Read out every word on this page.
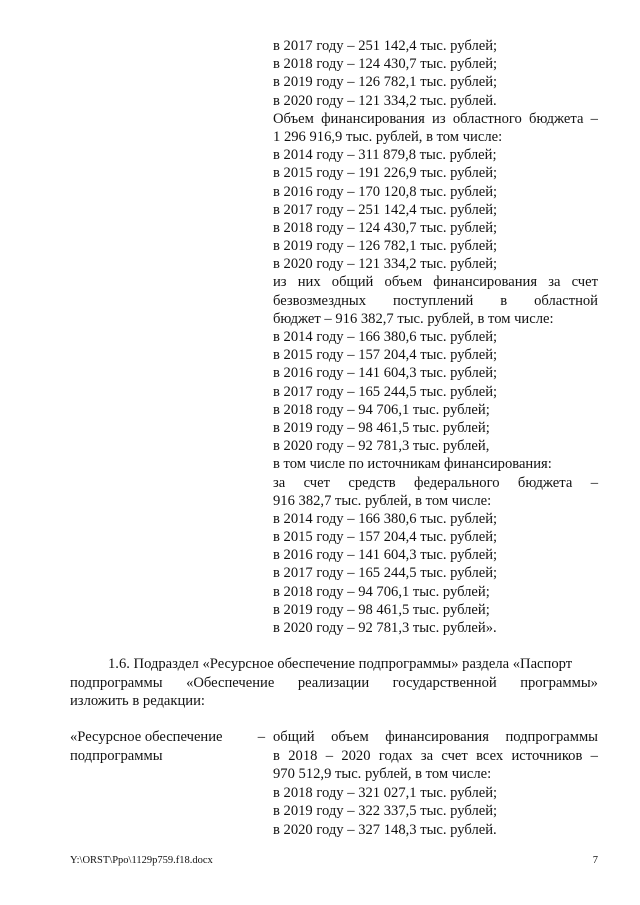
в 2017 году – 251 142,4 тыс. рублей;
в 2018 году – 124 430,7 тыс. рублей;
в 2019 году – 126 782,1 тыс. рублей;
в 2020 году – 121 334,2 тыс. рублей.
Объем финансирования из областного бюджета –
1 296 916,9 тыс. рублей, в том числе:
в 2014 году – 311 879,8 тыс. рублей;
в 2015 году – 191 226,9 тыс. рублей;
в 2016 году – 170 120,8 тыс. рублей;
в 2017 году – 251 142,4 тыс. рублей;
в 2018 году – 124 430,7 тыс. рублей;
в 2019 году – 126 782,1 тыс. рублей;
в 2020 году – 121 334,2 тыс. рублей;
из них общий объем финансирования за счет
безвозмездных поступлений в областной
бюджет – 916 382,7 тыс. рублей, в том числе:
в 2014 году – 166 380,6 тыс. рублей;
в 2015 году – 157 204,4 тыс. рублей;
в 2016 году – 141 604,3 тыс. рублей;
в 2017 году – 165 244,5 тыс. рублей;
в 2018 году – 94 706,1 тыс. рублей;
в 2019 году – 98 461,5 тыс. рублей;
в 2020 году – 92 781,3 тыс. рублей,
в том числе по источникам финансирования:
за счет средств федерального бюджета –
916 382,7 тыс. рублей, в том числе:
в 2014 году – 166 380,6 тыс. рублей;
в 2015 году – 157 204,4 тыс. рублей;
в 2016 году – 141 604,3 тыс. рублей;
в 2017 году – 165 244,5 тыс. рублей;
в 2018 году – 94 706,1 тыс. рублей;
в 2019 году – 98 461,5 тыс. рублей;
в 2020 году – 92 781,3 тыс. рублей».
1.6. Подраздел «Ресурсное обеспечение подпрограммы» раздела «Паспорт
подпрограммы «Обеспечение реализации государственной программы»
изложить в редакции:
«Ресурсное обеспечение –
подпрограммы
общий объем финансирования подпрограммы
в 2018 – 2020 годах за счет всех источников –
970 512,9 тыс. рублей, в том числе:
в 2018 году – 321 027,1 тыс. рублей;
в 2019 году – 322 337,5 тыс. рублей;
в 2020 году – 327 148,3 тыс. рублей.
Y:\ORST\Ppo\1129p759.f18.docx	7
